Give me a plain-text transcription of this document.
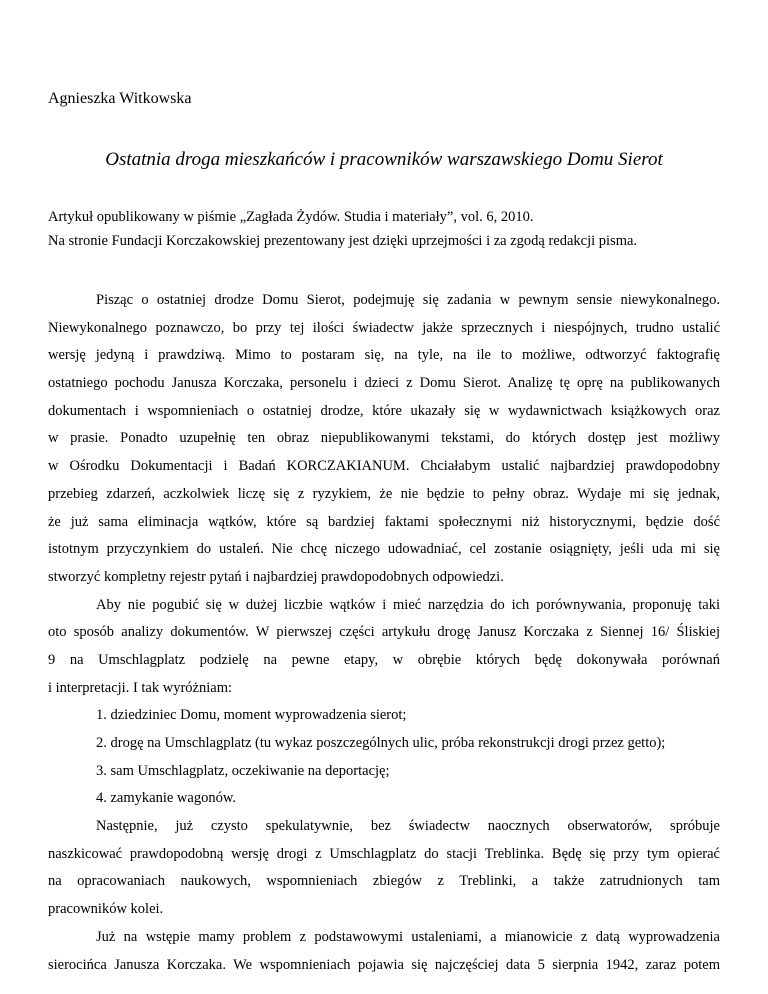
Agnieszka Witkowska
Ostatnia droga mieszkańców i pracowników warszawskiego Domu Sierot
Artykuł opublikowany w piśmie „Zagłada Żydów. Studia i materiały”, vol. 6, 2010.
Na stronie Fundacji Korczakowskiej prezentowany jest dzięki uprzejmości i za zgodą redakcji pisma.
Pisząc o ostatniej drodze Domu Sierot, podejmuję się zadania w pewnym sensie niewykonalnego.
Niewykonalnego poznawczo, bo przy tej ilości świadectw jakże sprzecznych i niespójnych, trudno ustalić
wersję jedyną i prawdziwą. Mimo to postaram się, na tyle, na ile to możliwe, odtworzyć faktografię
ostatniego pochodu Janusza Korczaka, personelu i dzieci z Domu Sierot. Analizę tę oprę na publikowanych
dokumentach i wspomnieniach o ostatniej drodze, które ukazały się w wydawnictwach książkowych oraz
w prasie. Ponadto uzupełnię ten obraz niepublikowanymi tekstami, do których dostęp jest możliwy
w Ośrodku Dokumentacji i Badań KORCZAKIANUM. Chciałabym ustalić najbardziej prawdopodobny
przebieg zdarzeń, aczkolwiek liczę się z ryzykiem, że nie będzie to pełny obraz. Wydaje mi się jednak,
że już sama eliminacja wątków, które są bardziej faktami społecznymi niż historycznymi, będzie dość
istotnym przyczynkiem do ustaleń. Nie chcę niczego udowadniać, cel zostanie osiągnięty, jeśli uda mi się
stworzyć kompletny rejestr pytań i najbardziej prawdopodobnych odpowiedzi.
Aby nie pogubić się w dużej liczbie wątków i mieć narzędzia do ich porównywania, proponuję taki
oto sposób analizy dokumentów. W pierwszej części artykułu drogę Janusz Korczaka z Siennej 16/ Śliskiej
9 na Umschlagplatz podzielę na pewne etapy, w obrębie których będę dokonywała porównań
i interpretacji. I tak wyróżniam:
1. dziedziniec Domu, moment wyprowadzenia sierot;
2. drogę na Umschlagplatz (tu wykaz poszczególnych ulic, próba rekonstrukcji drogi przez getto);
3. sam Umschlagplatz, oczekiwanie na deportację;
4. zamykanie wagonów.
Następnie, już czysto spekulatywnie, bez świadectw naocznych obserwatorów, spróbuje
naszkicować prawdopodobną wersję drogi z Umschlagplatz do stacji Treblinka. Będę się przy tym opierać
na opracowaniach naukowych, wspomnieniach zbiegów z Treblinki, a także zatrudnionych tam
pracowników kolei.
Już na wstępie mamy problem z podstawowymi ustaleniami, a mianowicie z datą wyprowadzenia
sierocińca Janusza Korczaka. We wspomnieniach pojawia się najczęściej data 5 sierpnia 1942, zaraz potem
